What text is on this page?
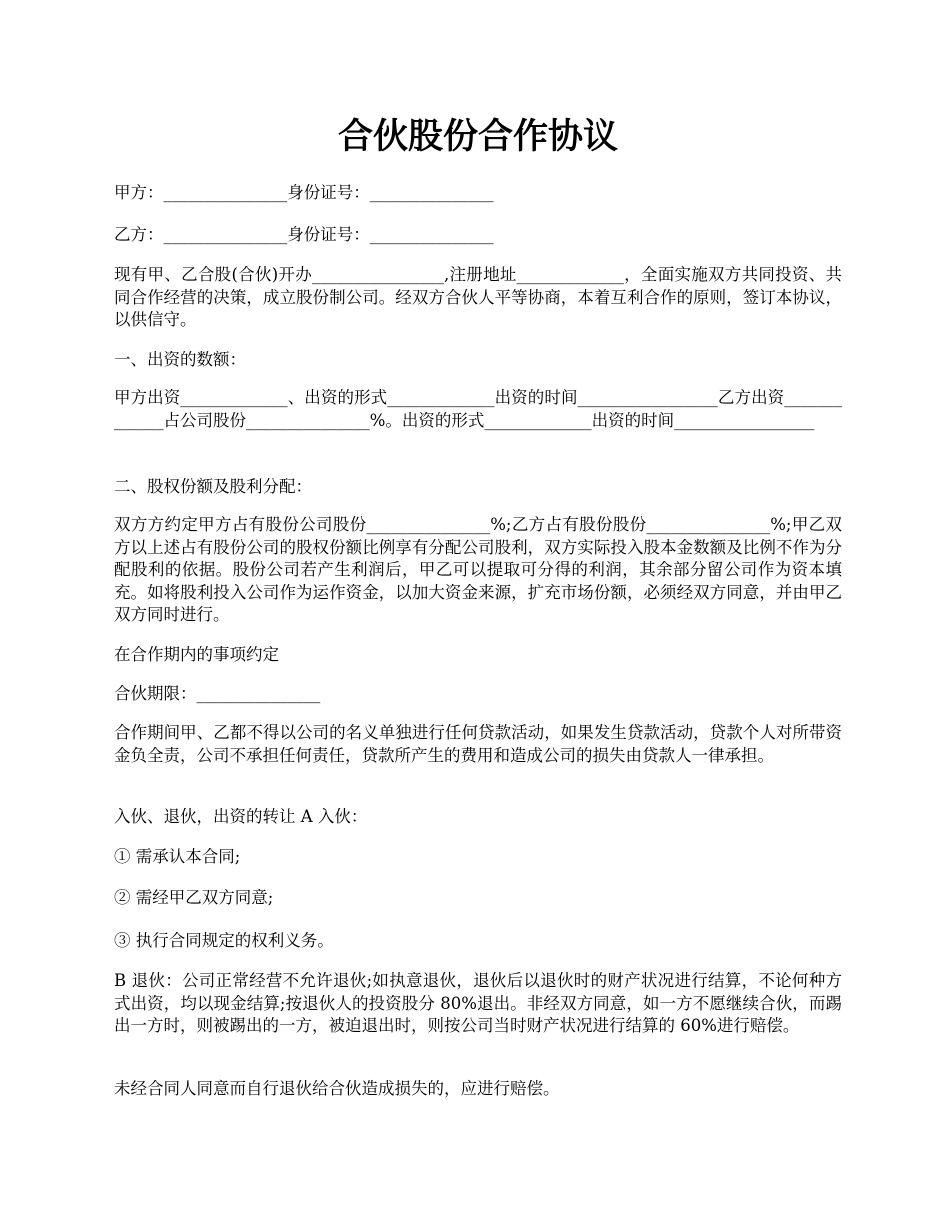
合伙股份合作协议

甲方：_______________身份证号：_______________

乙方：_______________身份证号：_______________

现有甲、乙合股(合伙)开办________________,注册地址_____________，全面实施双方共同投资、共同合作经营的决策，成立股份制公司。经双方合伙人平等协商，本着互利合作的原则，签订本协议，以供信守。

一、出资的数额：

甲方出资_____________、出资的形式_____________出资的时间_________________乙方出资_____________占公司股份_______________%。出资的形式_____________出资的时间_________________

二、股权份额及股利分配：

双方方约定甲方占有股份公司股份_______________%;乙方占有股份股份_______________%;甲乙双方以上述占有股份公司的股权份额比例享有分配公司股利，双方实际投入股本金数额及比例不作为分配股利的依据。股份公司若产生利润后，甲乙可以提取可分得的利润，其余部分留公司作为资本填充。如将股利投入公司作为运作资金，以加大资金来源，扩充市场份额，必须经双方同意，并由甲乙双方同时进行。

在合作期内的事项约定

合伙期限：_______________

合作期间甲、乙都不得以公司的名义单独进行任何贷款活动，如果发生贷款活动，贷款个人对所带资金负全责，公司不承担任何责任，贷款所产生的费用和造成公司的损失由贷款人一律承担。

入伙、退伙，出资的转让 A 入伙：

① 需承认本合同;

② 需经甲乙双方同意;

③ 执行合同规定的权利义务。

B 退伙：公司正常经营不允许退伙;如执意退伙，退伙后以退伙时的财产状况进行结算，不论何种方式出资，均以现金结算;按退伙人的投资股分 80%退出。非经双方同意，如一方不愿继续合伙，而踢出一方时，则被踢出的一方，被迫退出时，则按公司当时财产状况进行结算的 60%进行赔偿。

未经合同人同意而自行退伙给合伙造成损失的，应进行赔偿。
